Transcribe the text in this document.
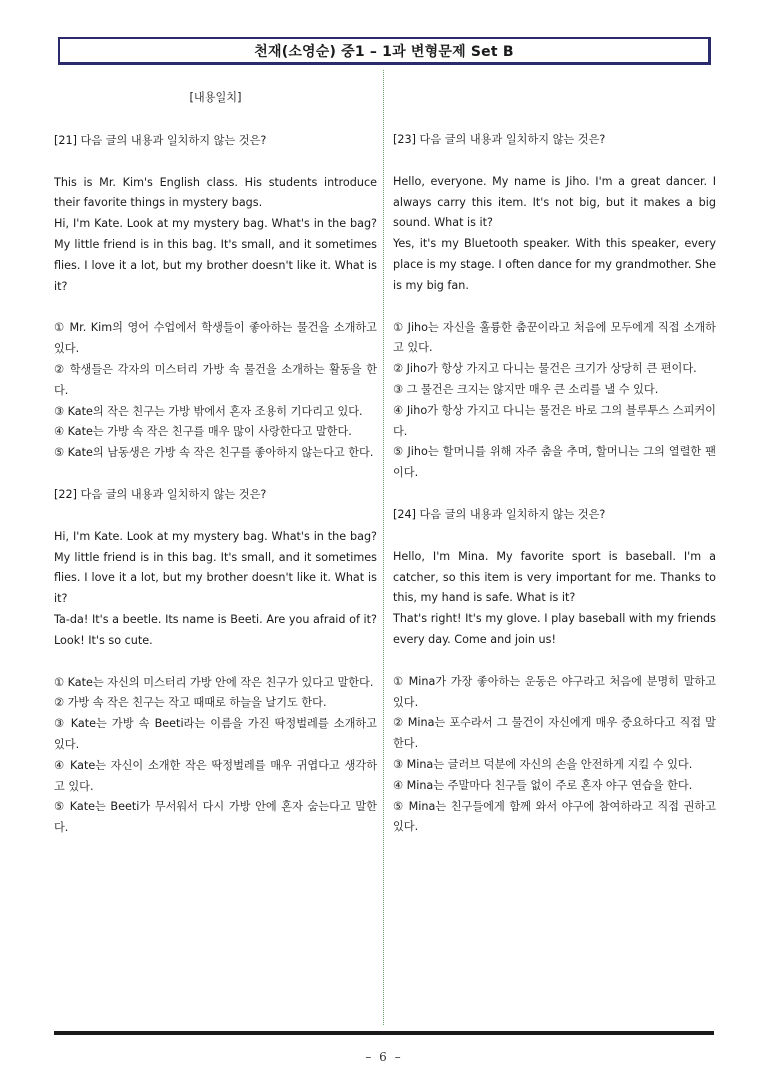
천재(소영순) 중1 – 1과 변형문제 Set B
[내용일치]
[21] 다음 글의 내용과 일치하지 않는 것은?

This is Mr. Kim's English class. His students introduce their favorite things in mystery bags.

Hi, I'm Kate. Look at my mystery bag. What's in the bag? My little friend is in this bag. It's small, and it sometimes flies. I love it a lot, but my brother doesn't like it. What is it?

① Mr. Kim의 영어 수업에서 학생들이 좋아하는 물건을 소개하고 있다.

② 학생들은 각자의 미스터리 가방 속 물건을 소개하는 활동을 한다.

③ Kate의 작은 친구는 가방 밖에서 혼자 조용히 기다리고 있다.

④ Kate는 가방 속 작은 친구를 매우 많이 사랑한다고 말한다.

⑤ Kate의 남동생은 가방 속 작은 친구를 좋아하지 않는다고 한다.

[22] 다음 글의 내용과 일치하지 않는 것은?

Hi, I'm Kate. Look at my mystery bag. What's in the bag? My little friend is in this bag. It's small, and it sometimes flies. I love it a lot, but my brother doesn't like it. What is it?

Ta-da! It's a beetle. Its name is Beeti. Are you afraid of it? Look! It's so cute.

① Kate는 자신의 미스터리 가방 안에 작은 친구가 있다고 말한다.

② 가방 속 작은 친구는 작고 때때로 하늘을 날기도 한다.

③ Kate는 가방 속 Beeti라는 이름을 가진 딱정벌레를 소개하고 있다.

④ Kate는 자신이 소개한 작은 딱정벌레를 매우 귀엽다고 생각하고 있다.

⑤ Kate는 Beeti가 무서워서 다시 가방 안에 혼자 숨는다고 말한다.

[23] 다음 글의 내용과 일치하지 않는 것은?

Hello, everyone. My name is Jiho. I'm a great dancer. I always carry this item. It's not big, but it makes a big sound. What is it?

Yes, it's my Bluetooth speaker. With this speaker, every place is my stage. I often dance for my grandmother. She is my big fan.

① Jiho는 자신을 훌륭한 춤꾼이라고 처음에 모두에게 직접 소개하고 있다.

② Jiho가 항상 가지고 다니는 물건은 크기가 상당히 큰 편이다.

③ 그 물건은 크지는 않지만 매우 큰 소리를 낼 수 있다.

④ Jiho가 항상 가지고 다니는 물건은 바로 그의 블루투스 스피커이다.

⑤ Jiho는 할머니를 위해 자주 춤을 추며, 할머니는 그의 열렬한 팬이다.

[24] 다음 글의 내용과 일치하지 않는 것은?

Hello, I'm Mina. My favorite sport is baseball. I'm a catcher, so this item is very important for me. Thanks to this, my hand is safe. What is it?

That's right! It's my glove. I play baseball with my friends every day. Come and join us!

① Mina가 가장 좋아하는 운동은 야구라고 처음에 분명히 말하고 있다.

② Mina는 포수라서 그 물건이 자신에게 매우 중요하다고 직접 말한다.

③ Mina는 글러브 덕분에 자신의 손을 안전하게 지킬 수 있다.

④ Mina는 주말마다 친구들 없이 주로 혼자 야구 연습을 한다.

⑤ Mina는 친구들에게 함께 와서 야구에 참여하라고 직접 권하고 있다.

– 6 –
